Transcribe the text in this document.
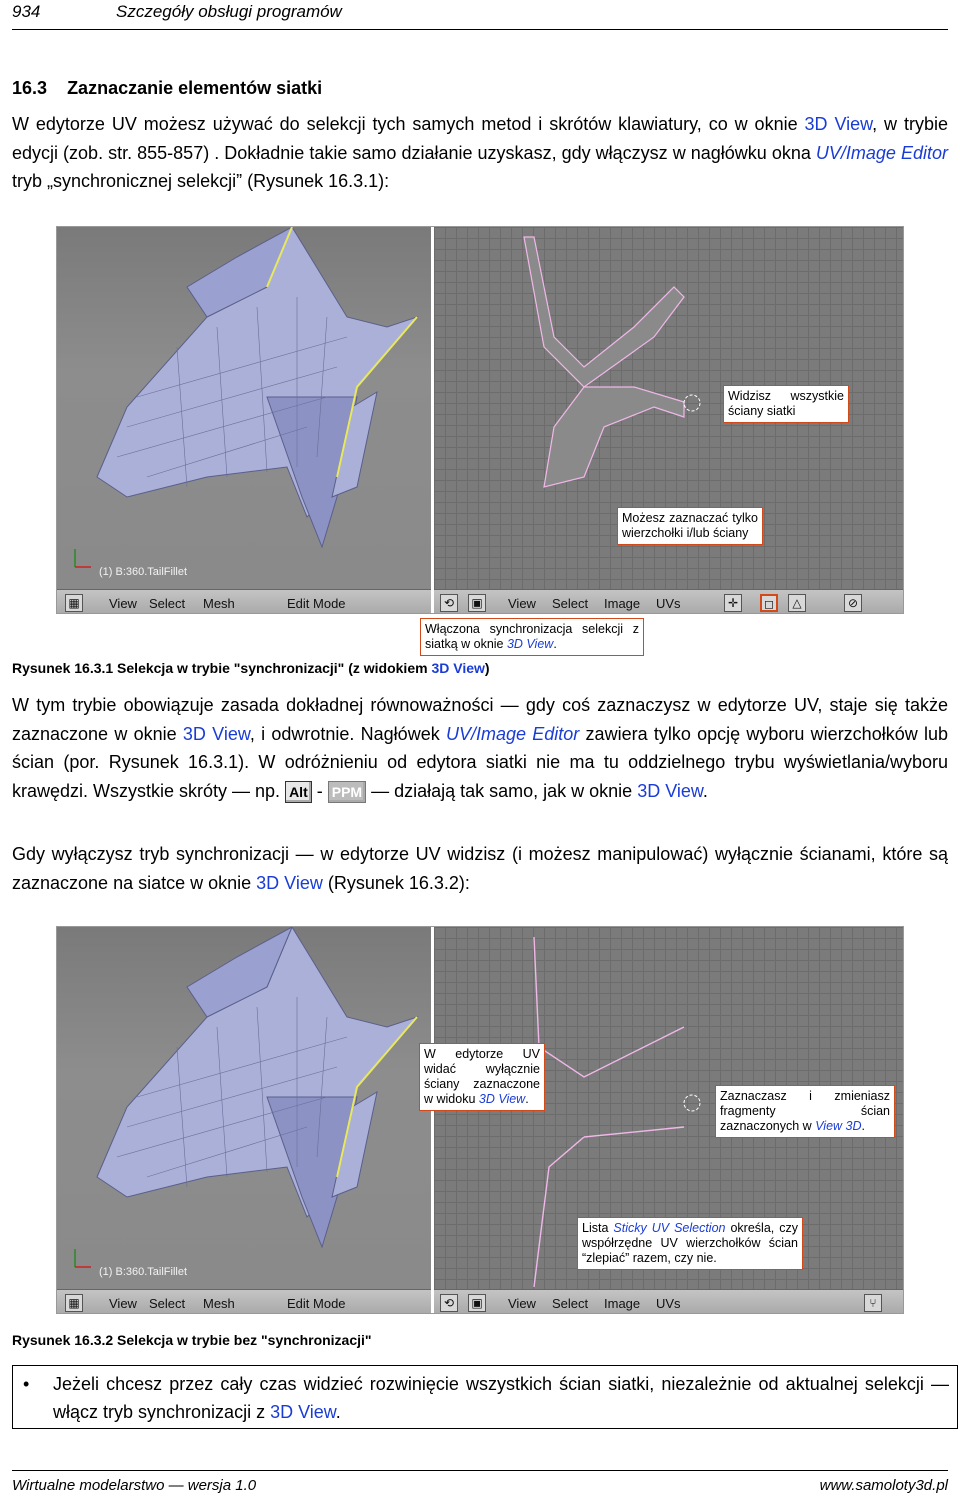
934	Szczegóły obsługi programów
16.3 Zaznaczanie elementów siatki
W edytorze UV możesz używać do selekcji tych samych metod i skrótów klawiatury, co w oknie 3D View, w trybie edycji (zob. str. 855-857) . Dokładnie takie samo działanie uzyskasz, gdy włączysz w nagłówku okna UV/Image Editor tryb „synchronicznej selekcji” (Rysunek 16.3.1):
(1) B:360.TailFillet
Widzisz wszystkie ściany siatki
Możesz zaznaczać tylko wierzchołki i/lub ściany
▦ View Select Mesh	Edit Mode	⟲	▣ View Select Image UVs	✛	◻	△	⊘
Włączona synchronizacja selekcji z siatką w oknie 3D View.
Rysunek 16.3.1 Selekcja w trybie "synchronizacji" (z widokiem 3D View)
W tym trybie obowiązuje zasada dokładnej równoważności — gdy coś zaznaczysz w edytorze UV, staje się także zaznaczone w oknie 3D View, i odwrotnie. Nagłówek UV/Image Editor zawiera tylko opcję wyboru wierzchołków lub ścian (por. Rysunek 16.3.1). W odróżnieniu od edytora siatki nie ma tu oddzielnego trybu wyświetlania/wyboru krawędzi. Wszystkie skróty — np. Alt - PPM — działają tak samo, jak w oknie 3D View.
Gdy wyłączysz tryb synchronizacji — w edytorze UV widzisz (i możesz manipulować) wyłącznie ścianami, które są zaznaczone na siatce w oknie 3D View (Rysunek 16.3.2):
(1) B:360.TailFillet
Zaznaczasz i zmieniasz fragmenty ścian zaznaczonych w View 3D.
Lista Sticky UV Selection określa, czy współrzędne UV wierzchołków ścian “zlepiać” razem, czy nie.
W edytorze UV widać wyłącznie ściany zaznaczone w widoku 3D View.
▦ View Select Mesh	Edit Mode	⟲	▣ View Select Image UVs	⑂
Rysunek 16.3.2 Selekcja w trybie bez "synchronizacji"
• Jeżeli chcesz przez cały czas widzieć rozwinięcie wszystkich ścian siatki, niezależnie od aktualnej selekcji — włącz tryb synchronizacji z 3D View.
Wirtualne modelarstwo — wersja 1.0	www.samoloty3d.pl
